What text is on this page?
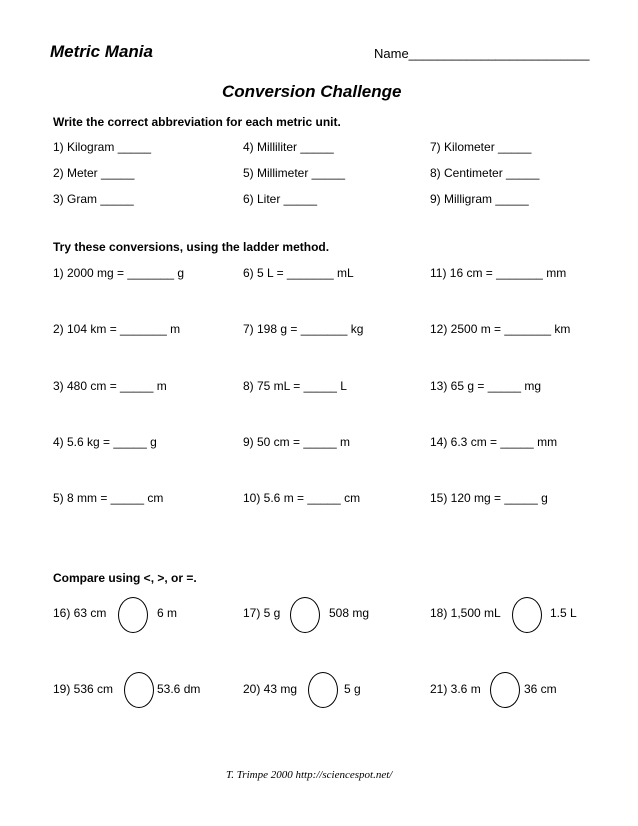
Metric Mania	Name_________________________
Conversion Challenge
Write the correct abbreviation for each metric unit.
1) Kilogram _____	4) Milliliter _____	7) Kilometer _____
2) Meter _____	5) Millimeter _____	8) Centimeter _____
3) Gram _____	6) Liter _____	9) Milligram _____
Try these conversions, using the ladder method.
1) 2000 mg = _______ g	6) 5 L = _______ mL	11) 16 cm = _______ mm
2) 104 km = _______ m	7) 198 g = _______ kg	12) 2500 m = _______ km
3) 480 cm = _____ m	8) 75 mL = _____ L	13) 65 g = _____ mg
4) 5.6 kg = _____ g	9) 50 cm = _____ m	14) 6.3 cm = _____ mm
5) 8 mm = _____ cm	10) 5.6 m = _____ cm	15) 120 mg = _____ g
Compare using <, >, or =.
16) 63 cm	6 m	17) 5 g	508 mg	18) 1,500 mL	1.5 L
19) 536 cm	53.6 dm	20) 43 mg	5 g	21) 3.6 m	36 cm
T. Trimpe 2000 http://sciencespot.net/
